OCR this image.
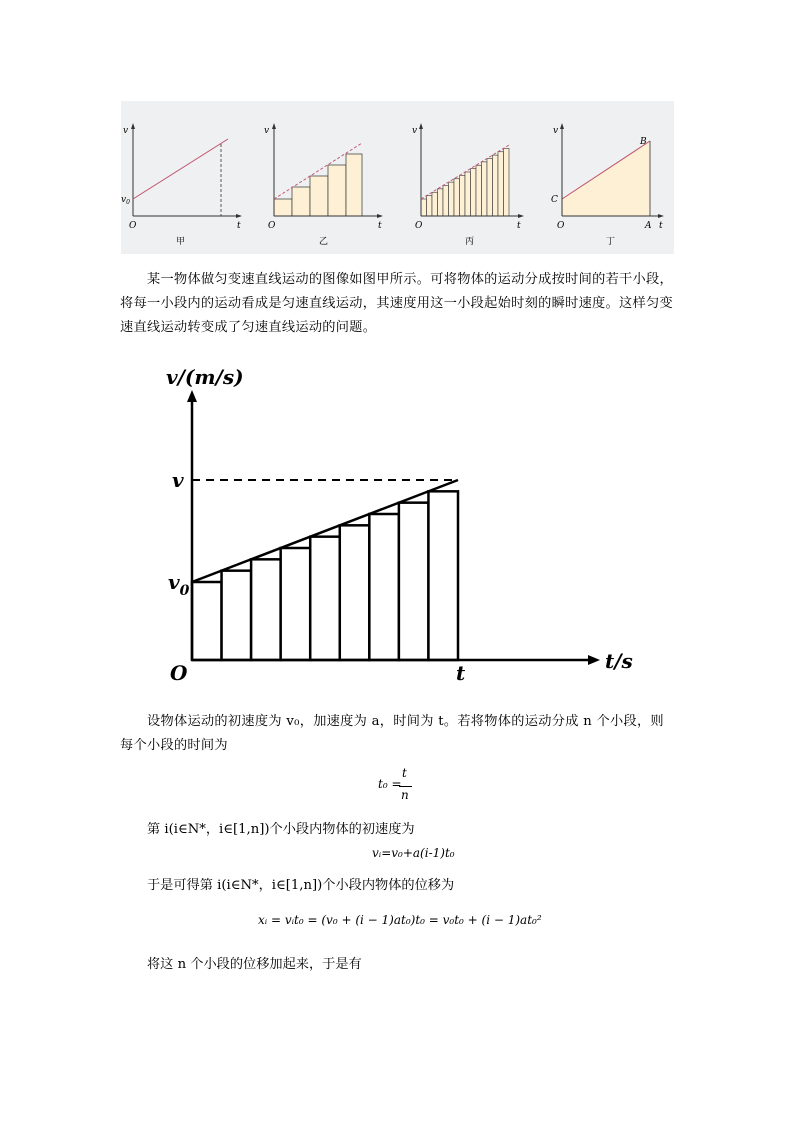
v
t
O
$v_0$
甲
v
t
O
乙
v
t
O
丙
v
t
O
B
C
A
丁
某一物体做匀变速直线运动的图像如图甲所示。可将物体的运动分成按时间的若干小段，将每一小段内的运动看成是匀速直线运动，其速度用这一小段起始时刻的瞬时速度。这样匀变速直线运动转变成了匀速直线运动的问题。
v/(m/s)
t/s
O
v
$v_0$
t
设物体运动的初速度为 v₀，加速度为 a，时间为 t。若将物体的运动分成 n 个小段，则每个小段的时间为
t₀ =
t
n
第 i(i∈N*，i∈[1,n])个小段内物体的初速度为
vᵢ=v₀+a(i-1)t₀
于是可得第 i(i∈N*，i∈[1,n])个小段内物体的位移为
xᵢ = vᵢt₀ = (v₀ + (i − 1)at₀)t₀ = v₀t₀ + (i − 1)at₀²
将这 n 个小段的位移加起来，于是有
